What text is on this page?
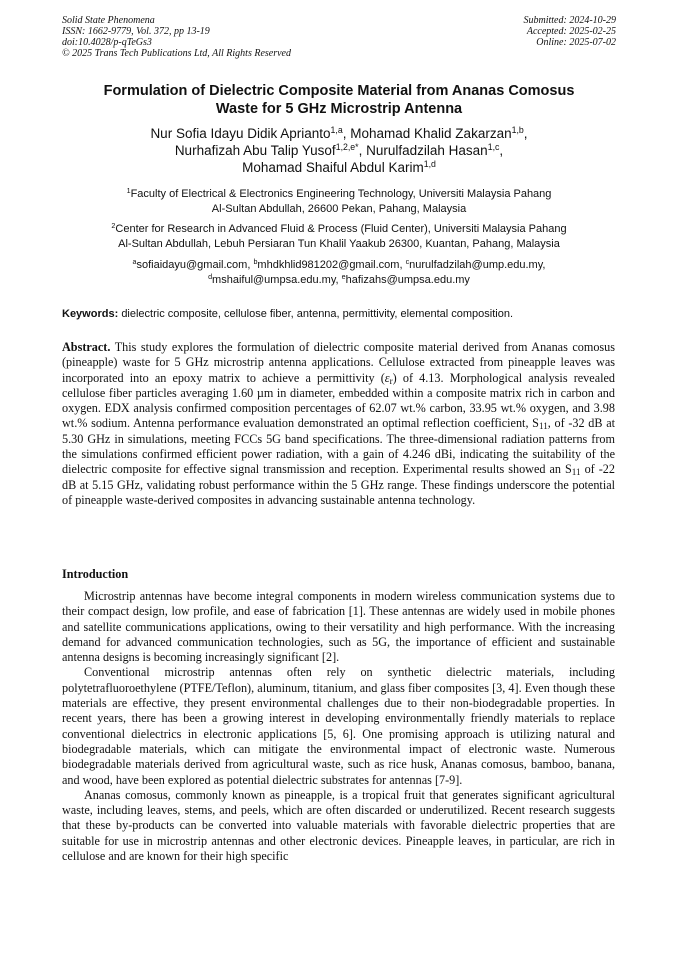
Solid State Phenomena
ISSN: 1662-9779, Vol. 372, pp 13-19
doi:10.4028/p-qTeGs3
© 2025 Trans Tech Publications Ltd, All Rights Reserved
Submitted: 2024-10-29
Accepted: 2025-02-25
Online: 2025-07-02
Formulation of Dielectric Composite Material from Ananas Comosus
Waste for 5 GHz Microstrip Antenna
Nur Sofia Idayu Didik Aprianto$^{1,a}$, Mohamad Khalid Zakarzan$^{1,b}$,
Nurhafizah Abu Talip Yusof$^{1,2,e*}$, Nurulfadzilah Hasan$^{1,c}$,
Mohamad Shaiful Abdul Karim$^{1,d}$
$^1$Faculty of Electrical & Electronics Engineering Technology, Universiti Malaysia Pahang
Al-Sultan Abdullah, 26600 Pekan, Pahang, Malaysia
$^2$Center for Research in Advanced Fluid & Process (Fluid Center), Universiti Malaysia Pahang
Al-Sultan Abdullah, Lebuh Persiaran Tun Khalil Yaakub 26300, Kuantan, Pahang, Malaysia
$^a$sofiaidayu@gmail.com, $^b$mhdkhlid981202@gmail.com, $^c$nurulfadzilah@ump.edu.my,
$^d$mshaiful@umpsa.edu.my, $^e$hafizahs@umpsa.edu.my
Keywords: dielectric composite, cellulose fiber, antenna, permittivity, elemental composition.
Abstract. This study explores the formulation of dielectric composite material derived from Ananas comosus (pineapple) waste for 5 GHz microstrip antenna applications. Cellulose extracted from pineapple leaves was incorporated into an epoxy matrix to achieve a permittivity $(\varepsilon_r)$ of 4.13. Morphological analysis revealed cellulose fiber particles averaging 1.60 µm in diameter, embedded within a composite matrix rich in carbon and oxygen. EDX analysis confirmed composition percentages of 62.07 wt.% carbon, 33.95 wt.% oxygen, and 3.98 wt.% sodium. Antenna performance evaluation demonstrated an optimal reflection coefficient, $S_{11}$, of -32 dB at 5.30 GHz in simulations, meeting FCCs 5G band specifications. The three-dimensional radiation patterns from the simulations confirmed efficient power radiation, with a gain of 4.246 dBi, indicating the suitability of the dielectric composite for effective signal transmission and reception. Experimental results showed an $S_{11}$ of -22 dB at 5.15 GHz, validating robust performance within the 5 GHz range. These findings underscore the potential of pineapple waste-derived composites in advancing sustainable antenna technology.
Introduction

Microstrip antennas have become integral components in modern wireless communication systems due to their compact design, low profile, and ease of fabrication [1]. These antennas are widely used in mobile phones and satellite communications applications, owing to their versatility and high performance. With the increasing demand for advanced communication technologies, such as 5G, the importance of efficient and sustainable antenna designs is becoming increasingly significant [2].

Conventional microstrip antennas often rely on synthetic dielectric materials, including polytetrafluoroethylene (PTFE/Teflon), aluminum, titanium, and glass fiber composites [3, 4]. Even though these materials are effective, they present environmental challenges due to their non-biodegradable properties. In recent years, there has been a growing interest in developing environmentally friendly materials to replace conventional dielectrics in electronic applications [5, 6]. One promising approach is utilizing natural and biodegradable materials, which can mitigate the environmental impact of electronic waste. Numerous biodegradable materials derived from agricultural waste, such as rice husk, Ananas comosus, bamboo, banana, and wood, have been explored as potential dielectric substrates for antennas [7-9].

Ananas comosus, commonly known as pineapple, is a tropical fruit that generates significant agricultural waste, including leaves, stems, and peels, which are often discarded or underutilized. Recent research suggests that these by-products can be converted into valuable materials with favorable dielectric properties that are suitable for use in microstrip antennas and other electronic devices. Pineapple leaves, in particular, are rich in cellulose and are known for their high specific
